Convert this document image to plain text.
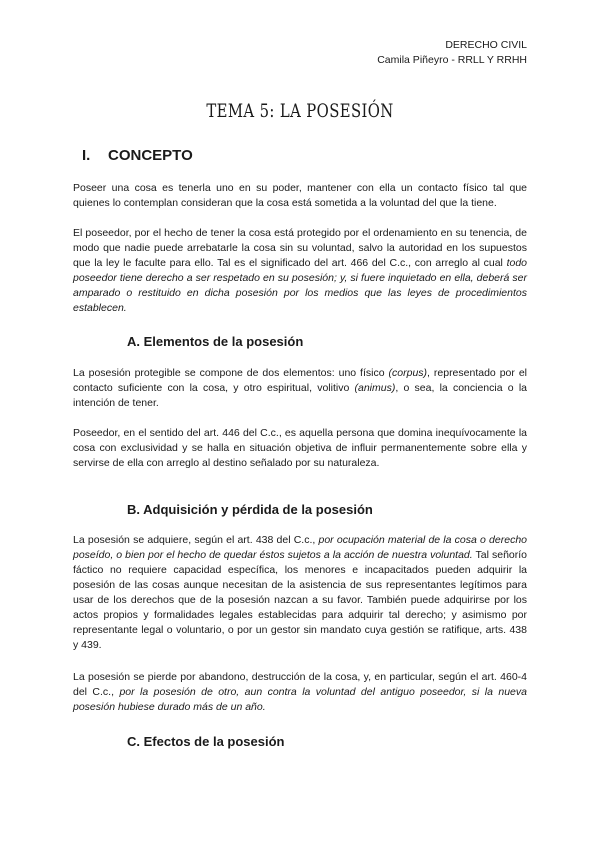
DERECHO CIVIL
Camila Piñeyro - RRLL Y RRHH
TEMA 5: LA POSESIÓN
I. CONCEPTO
Poseer una cosa es tenerla uno en su poder, mantener con ella un contacto físico tal que quienes lo contemplan consideran que la cosa está sometida a la voluntad del que la tiene.
El poseedor, por el hecho de tener la cosa está protegido por el ordenamiento en su tenencia, de modo que nadie puede arrebatarle la cosa sin su voluntad, salvo la autoridad en los supuestos que la ley le faculte para ello. Tal es el significado del art. 466 del C.c., con arreglo al cual todo poseedor tiene derecho a ser respetado en su posesión; y, si fuere inquietado en ella, deberá ser amparado o restituido en dicha posesión por los medios que las leyes de procedimientos establecen.
A. Elementos de la posesión
La posesión protegible se compone de dos elementos: uno físico (corpus), representado por el contacto suficiente con la cosa, y otro espiritual, volitivo (animus), o sea, la conciencia o la intención de tener.
Poseedor, en el sentido del art. 446 del C.c., es aquella persona que domina inequívocamente la cosa con exclusividad y se halla en situación objetiva de influir permanentemente sobre ella y servirse de ella con arreglo al destino señalado por su naturaleza.
B. Adquisición y pérdida de la posesión
La posesión se adquiere, según el art. 438 del C.c., por ocupación material de la cosa o derecho poseído, o bien por el hecho de quedar éstos sujetos a la acción de nuestra voluntad. Tal señorío fáctico no requiere capacidad específica, los menores e incapacitados pueden adquirir la posesión de las cosas aunque necesitan de la asistencia de sus representantes legítimos para usar de los derechos que de la posesión nazcan a su favor. También puede adquirirse por los actos propios y formalidades legales establecidas para adquirir tal derecho; y asimismo por representante legal o voluntario, o por un gestor sin mandato cuya gestión se ratifique, arts. 438 y 439.
La posesión se pierde por abandono, destrucción de la cosa, y, en particular, según el art. 460-4 del C.c., por la posesión de otro, aun contra la voluntad del antiguo poseedor, si la nueva posesión hubiese durado más de un año.
C. Efectos de la posesión
